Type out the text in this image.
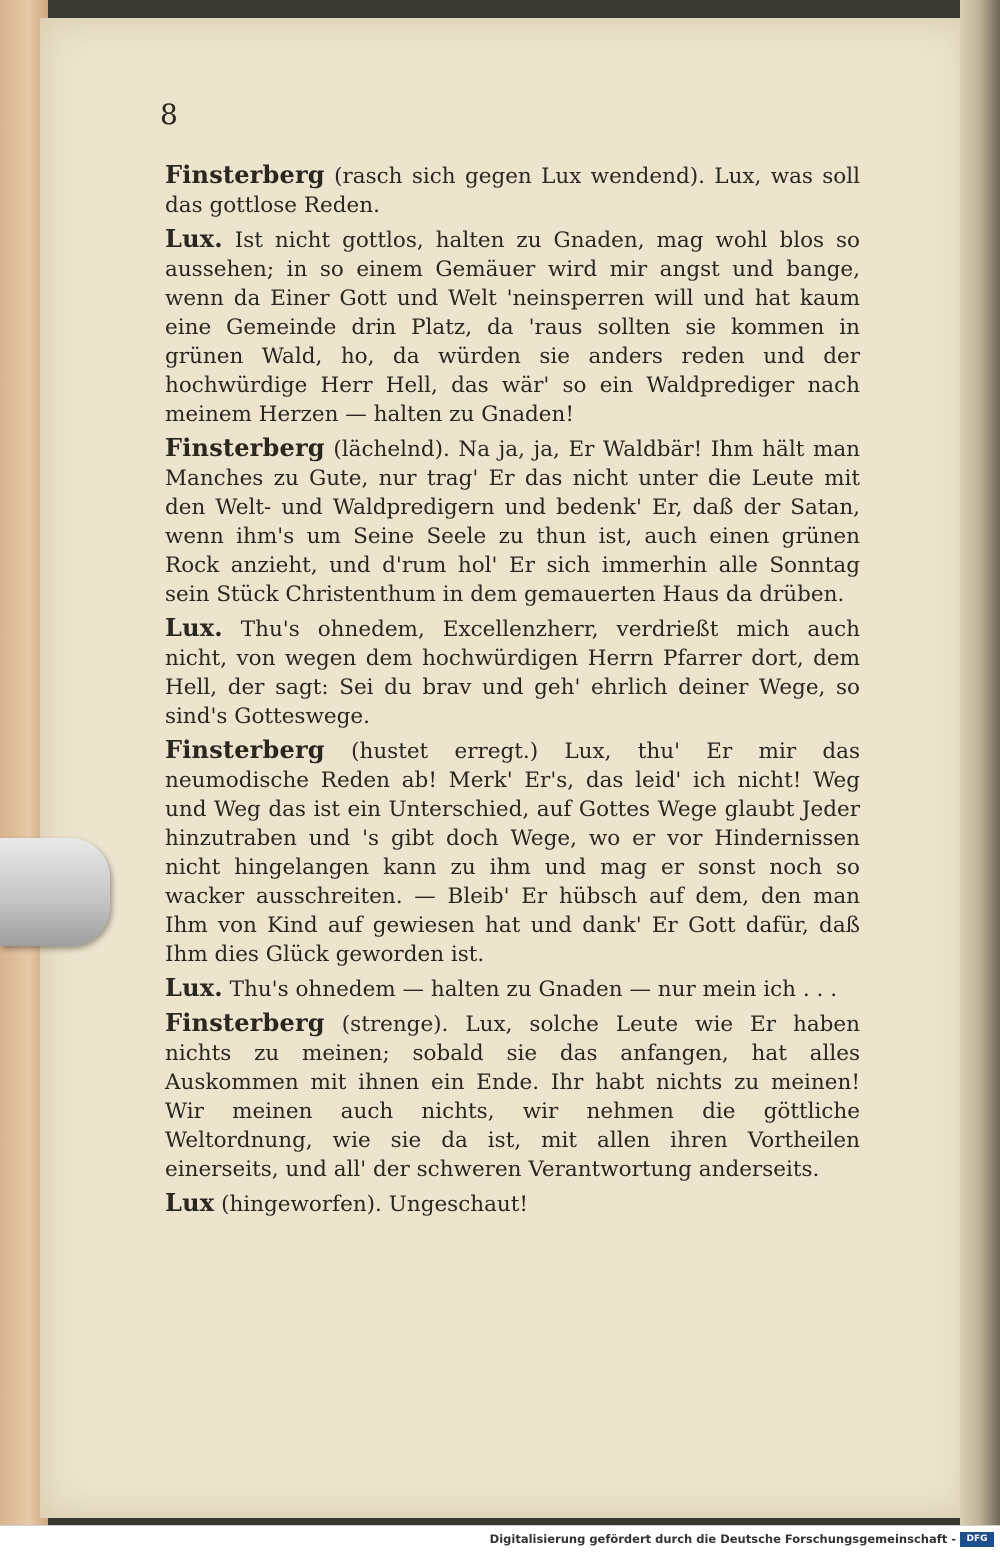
8

Finsterberg (rasch sich gegen Lux wendend). Lux, was soll das gottlose Reden.

Lux. Ist nicht gottlos, halten zu Gnaden, mag wohl blos so aussehen; in so einem Gemäuer wird mir angst und bange, wenn da Einer Gott und Welt 'neinsperren will und hat kaum eine Gemeinde drin Platz, da 'raus sollten sie kommen in grünen Wald, ho, da würden sie anders reden und der hochwürdige Herr Hell, das wär' so ein Waldprediger nach meinem Herzen — halten zu Gnaden!

Finsterberg (lächelnd). Na ja, ja, Er Waldbär! Ihm hält man Manches zu Gute, nur trag' Er das nicht unter die Leute mit den Welt- und Waldpredigern und bedenk' Er, daß der Satan, wenn ihm's um Seine Seele zu thun ist, auch einen grünen Rock anzieht, und d'rum hol' Er sich immerhin alle Sonntag sein Stück Christenthum in dem gemauerten Haus da drüben.

Lux. Thu's ohnedem, Excellenzherr, verdrießt mich auch nicht, von wegen dem hochwürdigen Herrn Pfarrer dort, dem Hell, der sagt: Sei du brav und geh' ehrlich deiner Wege, so sind's Gotteswege.

Finsterberg (hustet erregt.) Lux, thu' Er mir das neumodische Reden ab! Merk' Er's, das leid' ich nicht! Weg und Weg das ist ein Unterschied, auf Gottes Wege glaubt Jeder hinzutraben und 's gibt doch Wege, wo er vor Hindernissen nicht hingelangen kann zu ihm und mag er sonst noch so wacker ausschreiten. — Bleib' Er hübsch auf dem, den man Ihm von Kind auf gewiesen hat und dank' Er Gott dafür, daß Ihm dies Glück geworden ist.

Lux. Thu's ohnedem — halten zu Gnaden — nur mein ich . . .

Finsterberg (strenge). Lux, solche Leute wie Er haben nichts zu meinen; sobald sie das anfangen, hat alles Auskommen mit ihnen ein Ende. Ihr habt nichts zu meinen! Wir meinen auch nichts, wir nehmen die göttliche Weltordnung, wie sie da ist, mit allen ihren Vortheilen einerseits, und all' der schweren Verantwortung anderseits.

Lux (hingeworfen). Ungeschaut!

Digitalisierung gefördert durch die Deutsche Forschungsgemeinschaft -	DFG
